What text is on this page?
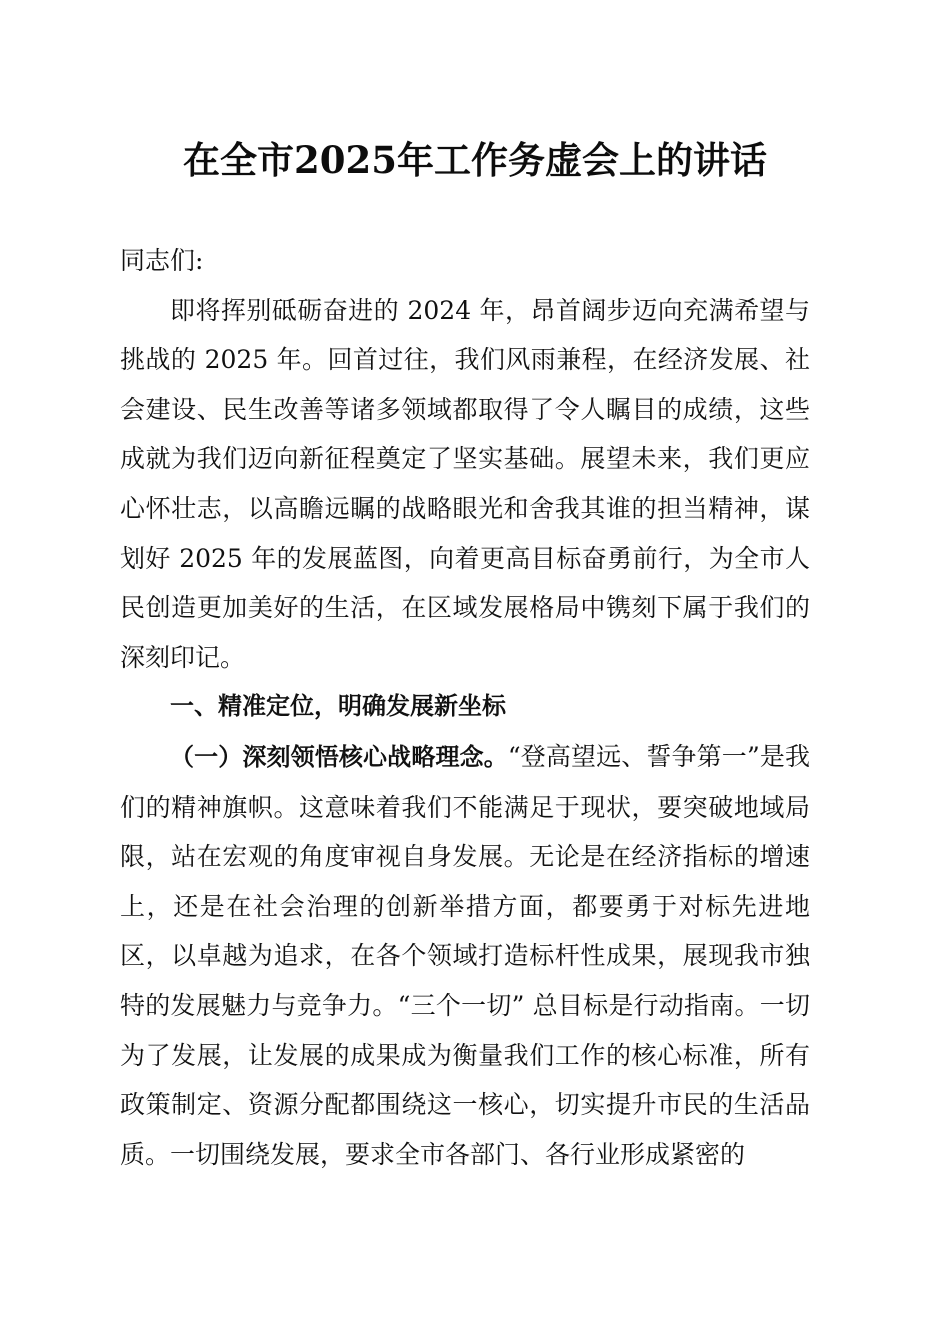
在全市2025年工作务虚会上的讲话

同志们:

即将挥别砥砺奋进的 2024 年，昂首阔步迈向充满希望与挑战的 2025 年。回首过往，我们风雨兼程，在经济发展、社会建设、民生改善等诸多领域都取得了令人瞩目的成绩，这些成就为我们迈向新征程奠定了坚实基础。展望未来，我们更应心怀壮志，以高瞻远瞩的战略眼光和舍我其谁的担当精神，谋划好 2025 年的发展蓝图，向着更高目标奋勇前行，为全市人民创造更加美好的生活，在区域发展格局中镌刻下属于我们的深刻印记。

一、精准定位，明确发展新坐标

（一）深刻领悟核心战略理念。“登高望远、誓争第一”是我们的精神旗帜。这意味着我们不能满足于现状，要突破地域局限，站在宏观的角度审视自身发展。无论是在经济指标的增速上，还是在社会治理的创新举措方面，都要勇于对标先进地区，以卓越为追求，在各个领域打造标杆性成果，展现我市独特的发展魅力与竞争力。“三个一切” 总目标是行动指南。一切为了发展，让发展的成果成为衡量我们工作的核心标准，所有政策制定、资源分配都围绕这一核心，切实提升市民的生活品质。一切围绕发展，要求全市各部门、各行业形成紧密的
